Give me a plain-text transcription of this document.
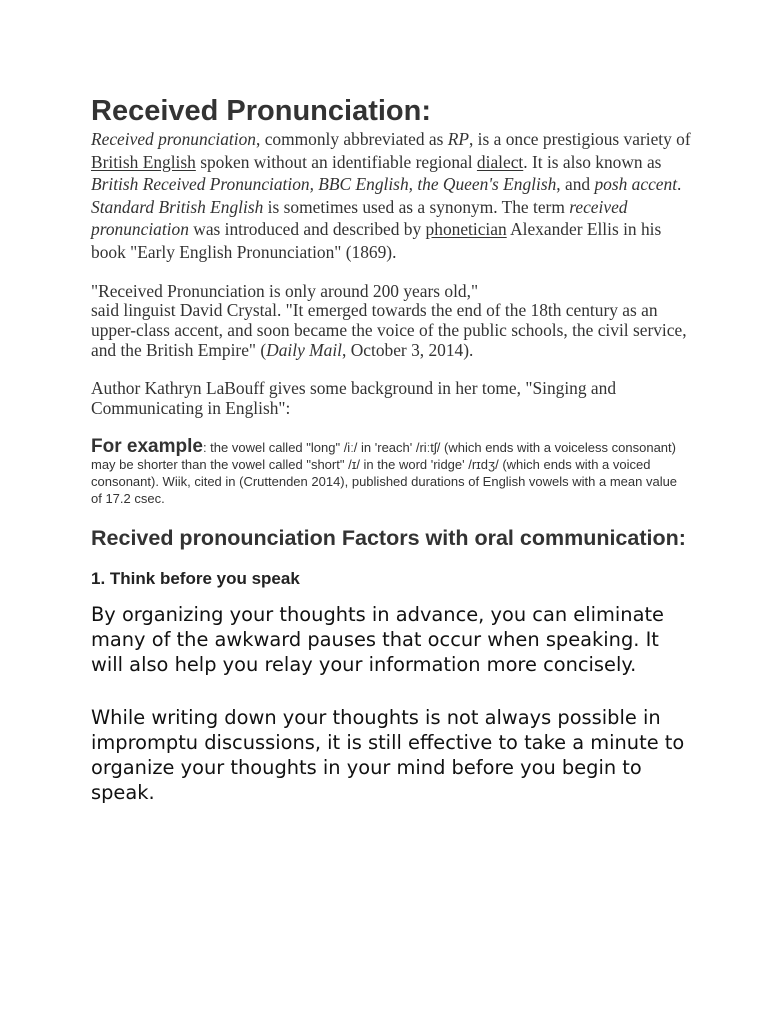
Received Pronunciation:

Received pronunciation, commonly abbreviated as RP, is a once prestigious variety of British English spoken without an identifiable regional dialect. It is also known as British Received Pronunciation, BBC English, the Queen's English, and posh accent. Standard British English is sometimes used as a synonym. The term received pronunciation was introduced and described by phonetician Alexander Ellis in his book "Early English Pronunciation" (1869).

"Received Pronunciation is only around 200 years old,"
said linguist David Crystal. "It emerged towards the end of the 18th century as an upper-class accent, and soon became the voice of the public schools, the civil service, and the British Empire" (Daily Mail, October 3, 2014).

Author Kathryn LaBouff gives some background in her tome, "Singing and Communicating in English":

For example: the vowel called "long" /iː/ in 'reach' /riːtʃ/ (which ends with a voiceless consonant) may be shorter than the vowel called "short" /ɪ/ in the word 'ridge' /rɪdʒ/ (which ends with a voiced consonant). Wiik, cited in (Cruttenden 2014), published durations of English vowels with a mean value of 17.2 csec.

Recived pronounciation Factors with oral communication:
1. Think before you speak

By organizing your thoughts in advance, you can eliminate many of the awkward pauses that occur when speaking. It will also help you relay your information more concisely.

While writing down your thoughts is not always possible in impromptu discussions, it is still effective to take a minute to organize your thoughts in your mind before you begin to speak.
